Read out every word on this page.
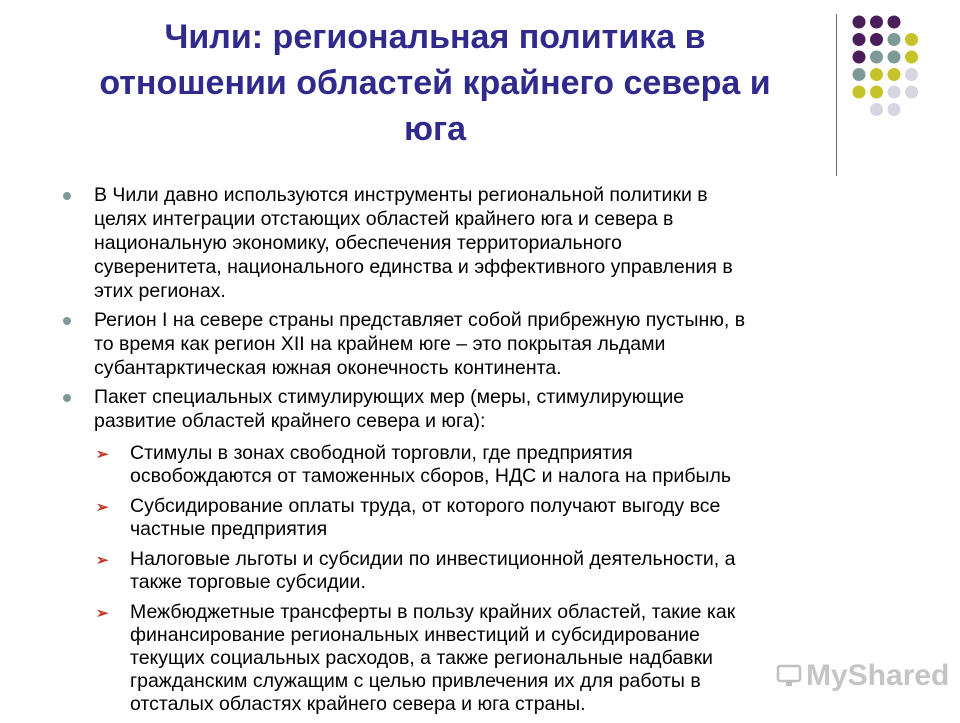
Чили: региональная политика в
отношении областей крайнего севера и
юга
В Чили давно используются инструменты региональной политики в
целях интеграции отстающих областей крайнего юга и севера в
национальную экономику, обеспечения территориального
суверенитета, национального единства и эффективного управления в
этих регионах.
Регион I на севере страны представляет собой прибрежную пустыню, в
то время как регион XII на крайнем юге – это покрытая льдами
субантарктическая южная оконечность континента.
Пакет специальных стимулирующих мер (меры, стимулирующие
развитие областей крайнего севера и юга):
➢ Стимулы в зонах свободной торговли, где предприятия
освобождаются от таможенных сборов, НДС и налога на прибыль
➢ Субсидирование оплаты труда, от которого получают выгоду все
частные предприятия
➢ Налоговые льготы и субсидии по инвестиционной деятельности, а
также торговые субсидии.
➢ Межбюджетные трансферты в пользу крайних областей, такие как
финансирование региональных инвестиций и субсидирование
текущих социальных расходов, а также региональные надбавки
гражданским служащим с целью привлечения их для работы в
отсталых областях крайнего севера и юга страны.
MyShared
